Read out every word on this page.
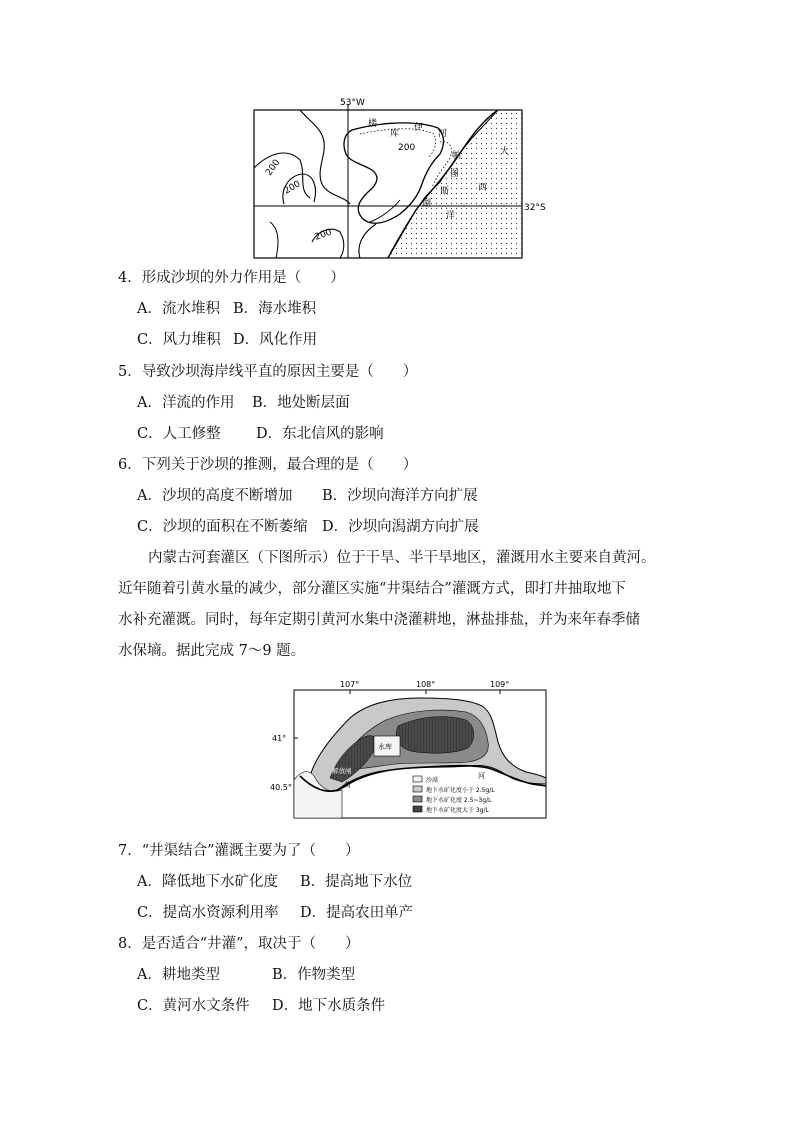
53°W
32°S
200
200
200
200
楼
库
伊
河
帕
图
斯
湖
大
西
洋
4．形成沙坝的外力作用是（　　）
A．流水堆积 B．海水堆积
C．风力堆积 D．风化作用
5．导致沙坝海岸线平直的原因主要是（　　）
A．洋流的作用 B．地处断层面
C．人工修整 D．东北信风的影响
6．下列关于沙坝的推测，最合理的是（　　）
A．沙坝的高度不断增加 B．沙坝向海洋方向扩展
C．沙坝的面积在不断萎缩 D．沙坝向潟湖方向扩展
内蒙古河套灌区（下图所示）位于干旱、半干旱地区，灌溉用水主要来自黄河。
近年随着引黄水量的减少，部分灌区实施“井渠结合”灌溉方式，即打井抽取地下
水补充灌溉。同时，每年定期引黄河水集中浇灌耕地，淋盐排盐，并为来年春季储
水保墒。据此完成 7～9 题。
107°	108°	109°
41°
40.5°
水库
解放闸
黄
河
沙漠
地下水矿化度小于 2.5g/L
地下水矿化度 2.5~3g/L
地下水矿化度大于 3g/L
7．“井渠结合”灌溉主要为了（　　）
A．降低地下水矿化度 B．提高地下水位
C．提高水资源利用率 D．提高农田单产
8．是否适合“井灌”，取决于（　　）
A．耕地类型	B．作物类型
C．黄河水文条件 D．地下水质条件
